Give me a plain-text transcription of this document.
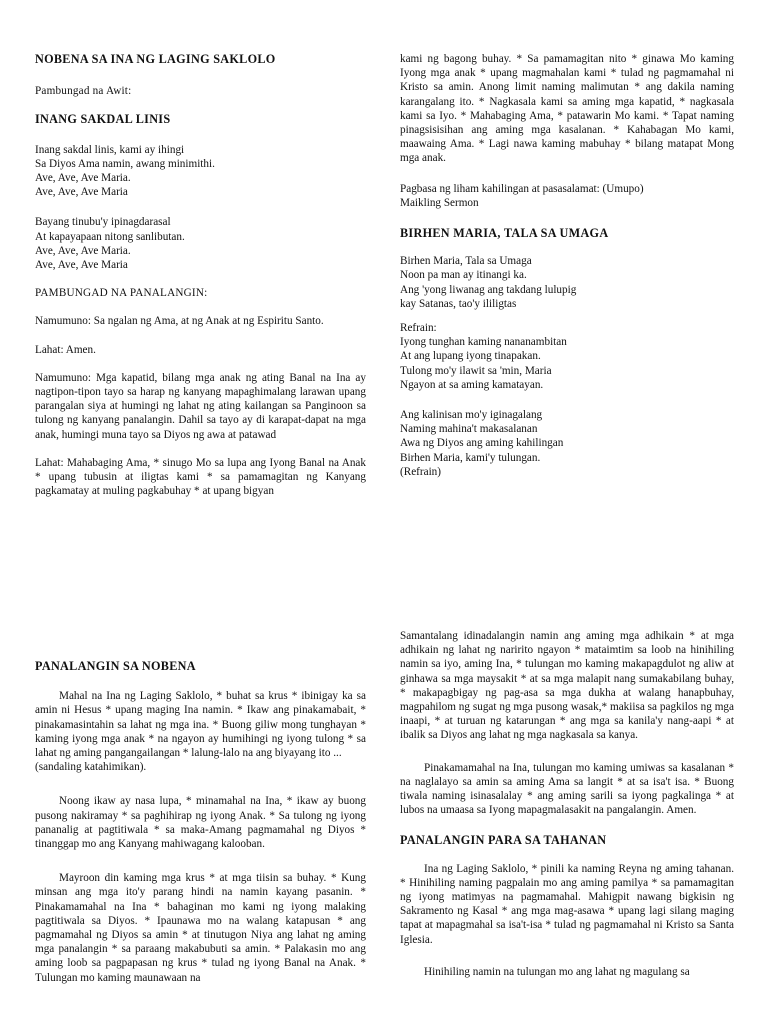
NOBENA SA INA NG LAGING SAKLOLO

Pambungad na Awit:

INANG SAKDAL LINIS

Inang sakdal linis, kami ay ihingi
Sa Diyos Ama namin, awang minimithi.
Ave, Ave, Ave Maria.
Ave, Ave, Ave Maria

Bayang tinubu'y ipinagdarasal
At kapayapaan nitong sanlibutan.
Ave, Ave, Ave Maria.
Ave, Ave, Ave Maria

PAMBUNGAD NA PANALANGIN:

Namumuno: Sa ngalan ng Ama, at ng Anak at ng Espiritu Santo.

Lahat: Amen.

Namumuno: Mga kapatid, bilang mga anak ng ating Banal na Ina ay nagtipon-tipon tayo sa harap ng kanyang mapaghimalang larawan upang parangalan siya at humingi ng lahat ng ating kailangan sa Panginoon sa tulong ng kanyang panalangin. Dahil sa tayo ay di karapat-dapat na mga anak, humingi muna tayo sa Diyos ng awa at patawad

Lahat: Mahabaging Ama, * sinugo Mo sa lupa ang Iyong Banal na Anak * upang tubusin at iligtas kami * sa pamamagitan ng Kanyang pagkamatay at muling pagkabuhay * at upang bigyan

kami ng bagong buhay. * Sa pamamagitan nito * ginawa Mo kaming Iyong mga anak * upang magmahalan kami * tulad ng pagmamahal ni Kristo sa amin. Anong limit naming malimutan * ang dakila naming karangalang ito. * Nagkasala kami sa aming mga kapatid, * nagkasala kami sa Iyo. * Mahabaging Ama, * patawarin Mo kami. * Tapat naming pinagsisisihan ang aming mga kasalanan. * Kahabagan Mo kami, maawaing Ama. * Lagi nawa kaming mabuhay * bilang matapat Mong mga anak.

Pagbasa ng liham kahilingan at pasasalamat: (Umupo)
Maikling Sermon

BIRHEN MARIA, TALA SA UMAGA

Birhen Maria, Tala sa Umaga
Noon pa man ay itinangi ka.
Ang 'yong liwanag ang takdang lulupig
kay Satanas, tao'y ililigtas

Refrain:
Iyong tunghan kaming nananambitan
At ang lupang iyong tinapakan.
Tulong mo'y ilawit sa 'min, Maria
Ngayon at sa aming kamatayan.

Ang kalinisan mo'y iginagalang
Naming mahina't makasalanan
Awa ng Diyos ang aming kahilingan
Birhen Maria, kami'y tulungan.
(Refrain)

PANALANGIN SA NOBENA

Mahal na Ina ng Laging Saklolo, * buhat sa krus * ibinigay ka sa amin ni Hesus * upang maging Ina namin. * Ikaw ang pinakamabait, * pinakamasintahin sa lahat ng mga ina. * Buong giliw mong tunghayan * kaming iyong mga anak * na ngayon ay humihingi ng iyong tulong * sa lahat ng aming pangangailangan * lalung-lalo na ang biyayang ito ...

(sandaling katahimikan).

Noong ikaw ay nasa lupa, * minamahal na Ina, * ikaw ay buong pusong nakiramay * sa paghihirap ng iyong Anak. * Sa tulong ng iyong pananalig at pagtitiwala * sa maka-Amang pagmamahal ng Diyos * tinanggap mo ang Kanyang mahiwagang kalooban.

Mayroon din kaming mga krus * at mga tiisin sa buhay. * Kung minsan ang mga ito'y parang hindi na namin kayang pasanin. * Pinakamamahal na Ina * bahaginan mo kami ng iyong malaking pagtitiwala sa Diyos. * Ipaunawa mo na walang katapusan * ang pagmamahal ng Diyos sa amin * at tinutugon Niya ang lahat ng aming mga panalangin * sa paraang makabubuti sa amin. * Palakasin mo ang aming loob sa pagpapasan ng krus * tulad ng iyong Banal na Anak. * Tulungan mo kaming maunawaan na

Samantalang idinadalangin namin ang aming mga adhikain * at mga adhikain ng lahat ng naririto ngayon * mataimtim sa loob na hinihiling namin sa iyo, aming Ina, * tulungan mo kaming makapagdulot ng aliw at ginhawa sa mga maysakit * at sa mga malapit nang sumakabilang buhay, * makapagbigay ng pag-asa sa mga dukha at walang hanapbuhay, magpahilom ng sugat ng mga pusong wasak,* makiisa sa pagkilos ng mga inaapi, * at turuan ng katarungan * ang mga sa kanila'y nang-aapi * at ibalik sa Diyos ang lahat ng mga nagkasala sa kanya.

Pinakamamahal na Ina, tulungan mo kaming umiwas sa kasalanan * na naglalayo sa amin sa aming Ama sa langit * at sa isa't isa. * Buong tiwala naming isinasalalay * ang aming sarili sa iyong pagkalinga * at lubos na umaasa sa Iyong mapagmalasakit na pangalangin. Amen.

PANALANGIN PARA SA TAHANAN

Ina ng Laging Saklolo, * pinili ka naming Reyna ng aming tahanan. * Hinihiling naming pagpalain mo ang aming pamilya * sa pamamagitan ng iyong matimyas na pagmamahal. Mahigpit nawang bigkisin ng Sakramento ng Kasal * ang mga mag-asawa * upang lagi silang maging tapat at mapagmahal sa isa't-isa * tulad ng pagmamahal ni Kristo sa Santa Iglesia.

Hinihiling namin na tulungan mo ang lahat ng magulang sa
